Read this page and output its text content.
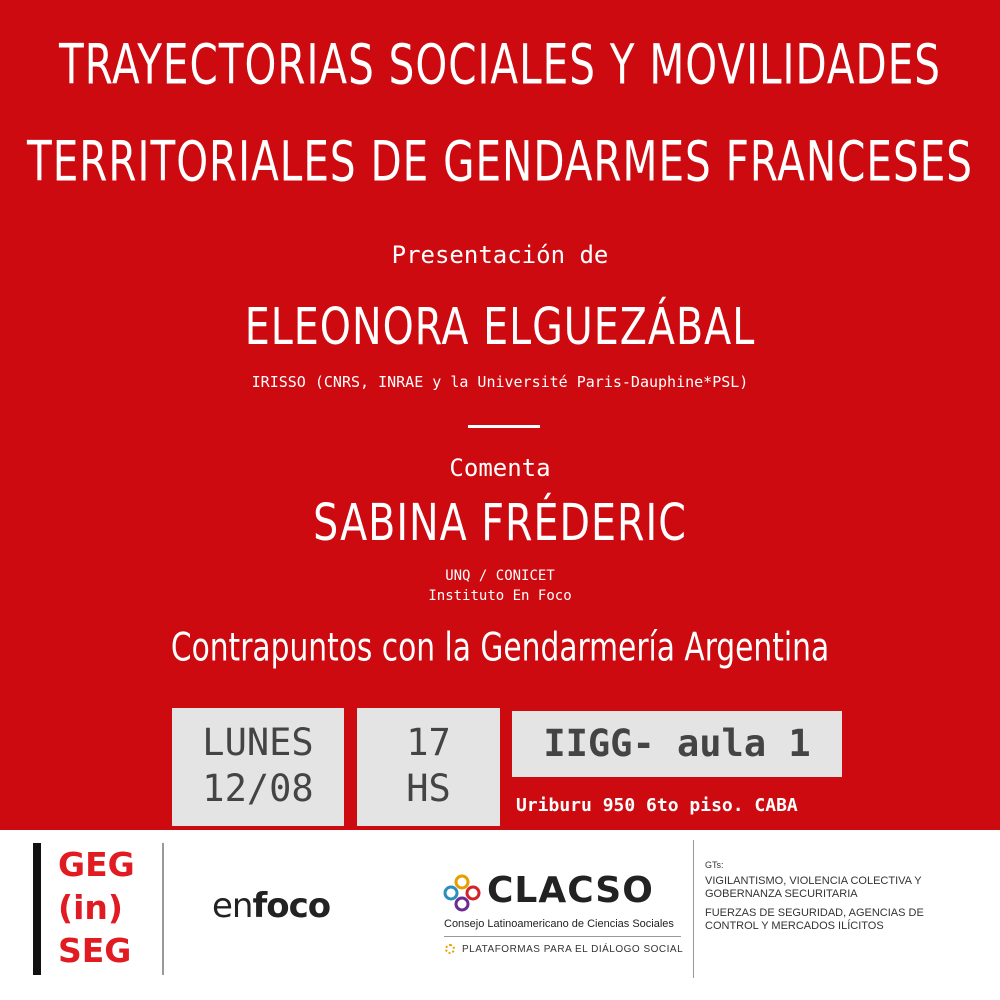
TRAYECTORIAS SOCIALES Y MOVILIDADES
TERRITORIALES DE GENDARMES FRANCESES
Presentación de
ELEONORA ELGUEZÁBAL
IRISSO (CNRS, INRAE y la Université Paris-Dauphine*PSL)
Comenta
SABINA FRÉDERIC
UNQ / CONICET
Instituto En Foco
Contrapuntos con la Gendarmería Argentina
LUNES
12/08
17
HS
IIGG- aula 1
Uriburu 950 6to piso. CABA
GEG
(in)
SEG
enfoco	CLACSO
Consejo Latinoamericano de Ciencias Sociales
PLATAFORMAS PARA EL DIÁLOGO SOCIAL
GTs:
VIGILANTISMO, VIOLENCIA COLECTIVA Y
GOBERNANZA SECURITARIA
FUERZAS DE SEGURIDAD, AGENCIAS DE
CONTROL Y MERCADOS ILÍCITOS
